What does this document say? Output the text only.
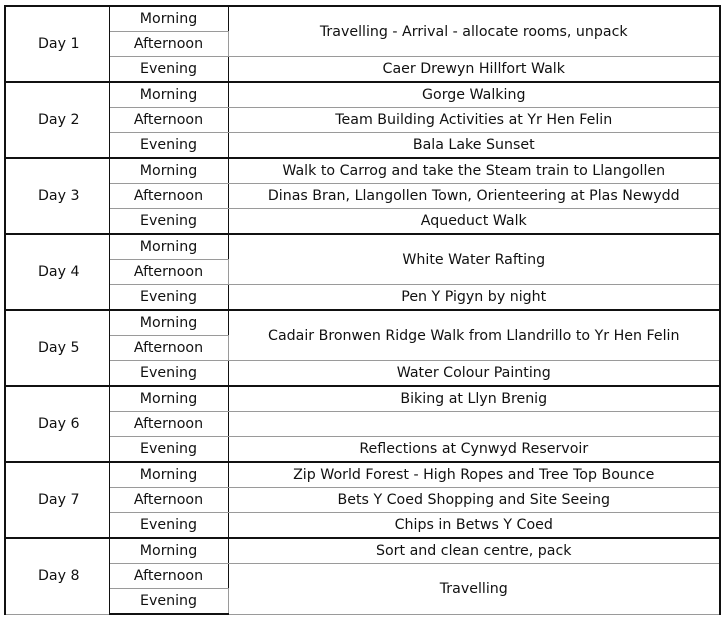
Day 1	Morning	Travelling - Arrival - allocate rooms, unpack
	Afternoon	
	Evening	Caer Drewyn Hillfort Walk
Day 2	Morning	Gorge Walking
	Afternoon	Team Building Activities at Yr Hen Felin
	Evening	Bala Lake Sunset
Day 3	Morning	Walk to Carrog and take the Steam train to Llangollen
	Afternoon	Dinas Bran, Llangollen Town, Orienteering at Plas Newydd
	Evening	Aqueduct Walk
Day 4	Morning	White Water Rafting
	Afternoon	
	Evening	Pen Y Pigyn by night
Day 5	Morning	Cadair Bronwen Ridge Walk from Llandrillo to Yr Hen Felin
	Afternoon	
	Evening	Water Colour Painting
Day 6	Morning	Biking at Llyn Brenig
	Afternoon	
	Evening	Reflections at Cynwyd Reservoir
Day 7	Morning	Zip World Forest - High Ropes and Tree Top Bounce
	Afternoon	Bets Y Coed Shopping and Site Seeing
	Evening	Chips in Betws Y Coed
Day 8	Morning	Sort and clean centre, pack
	Afternoon	Travelling
	Evening	
